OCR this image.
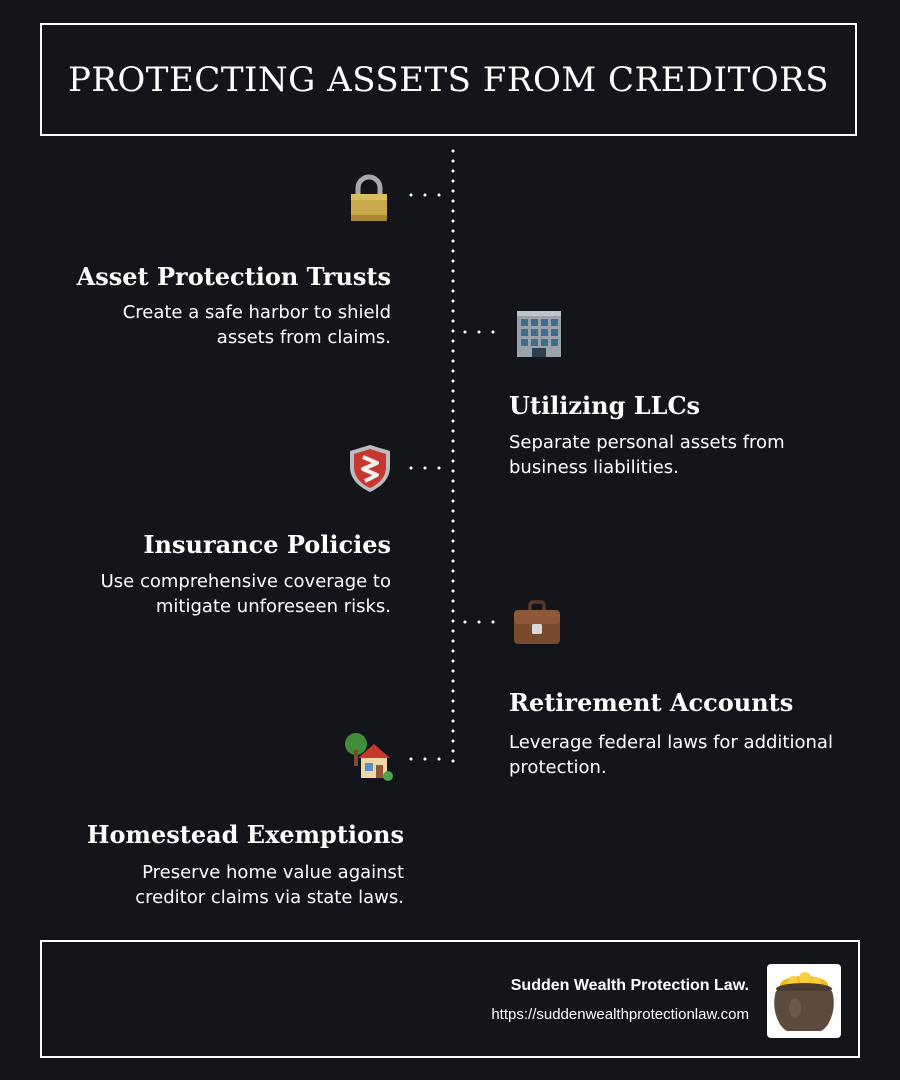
PROTECTING ASSETS FROM CREDITORS
Asset Protection Trusts
Create a safe harbor to shield assets from claims.
Utilizing LLCs
Separate personal assets from business liabilities.
Insurance Policies
Use comprehensive coverage to mitigate unforeseen risks.
Retirement Accounts
Leverage federal laws for additional protection.
Homestead Exemptions
Preserve home value against creditor claims via state laws.
Sudden Wealth Protection Law.
https://suddenwealthprotectionlaw.com
